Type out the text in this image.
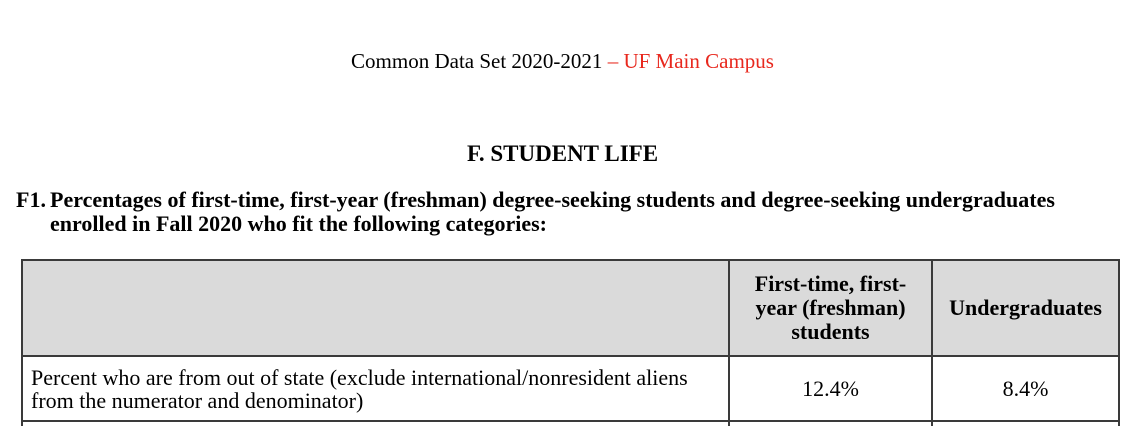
Common Data Set 2020-2021 – UF Main Campus
F. STUDENT LIFE
F1. Percentages of first-time, first-year (freshman) degree-seeking students and degree-seeking undergraduates enrolled in Fall 2020 who fit the following categories:
	First-time, first-year (freshman) students	Undergraduates
Percent who are from out of state (exclude international/nonresident aliens from the numerator and denominator)	12.4%	8.4%
